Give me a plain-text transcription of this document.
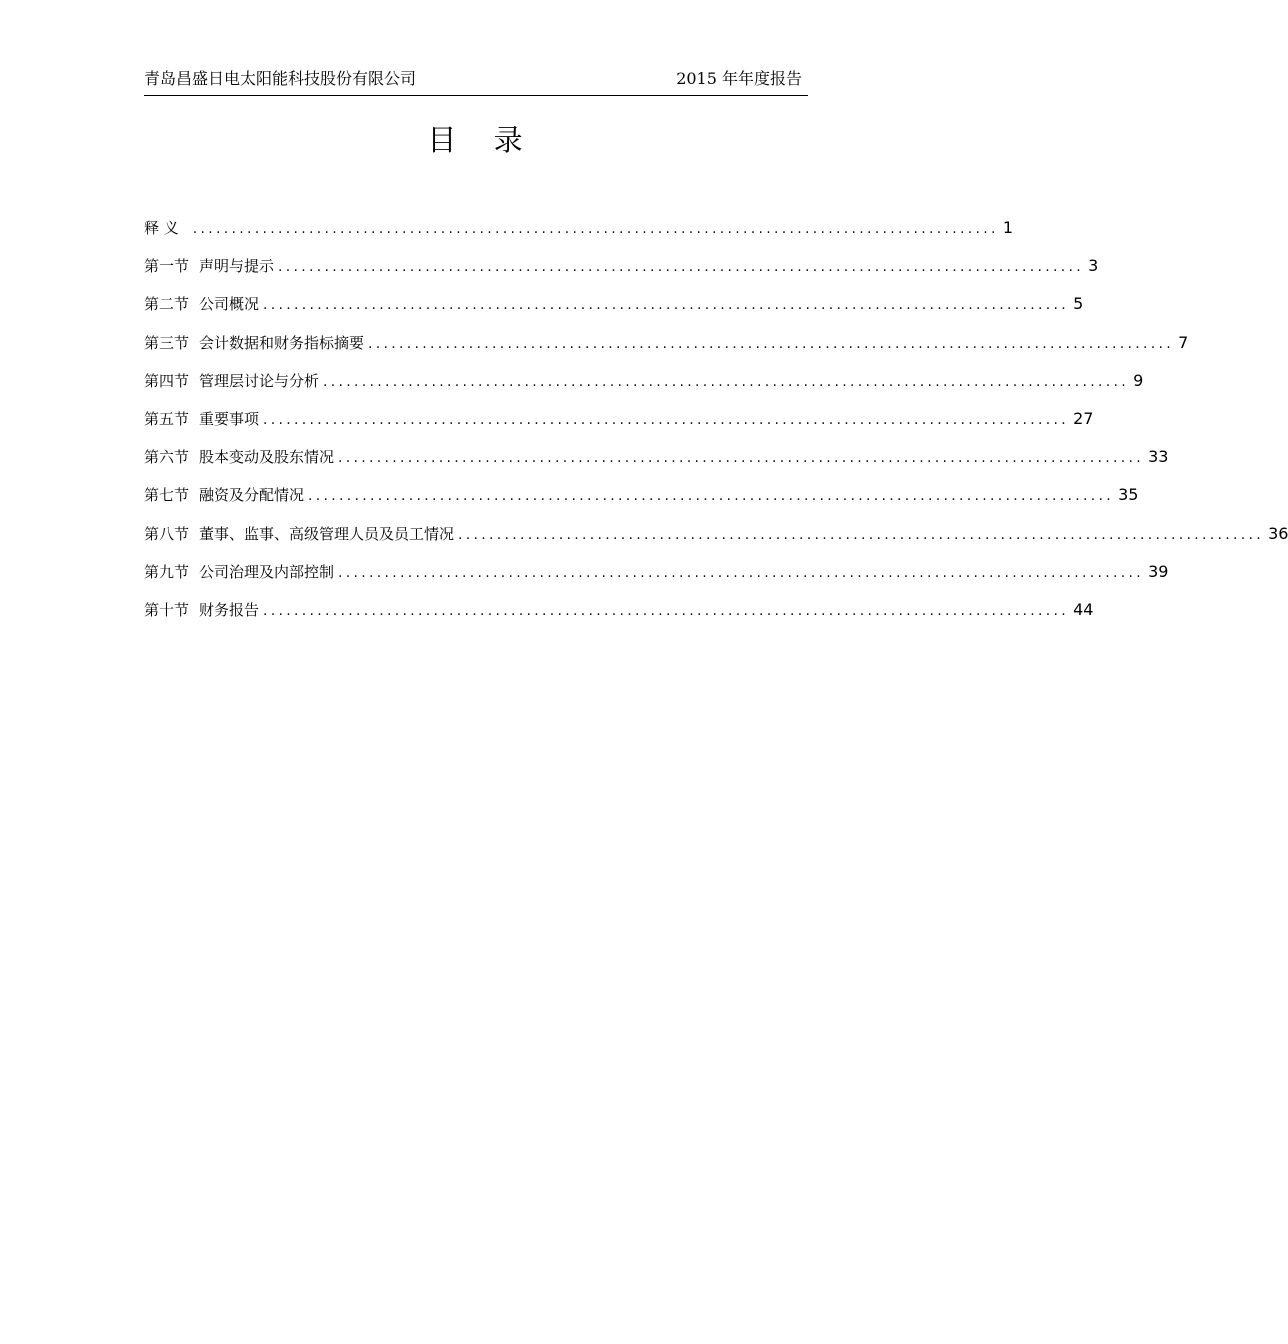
青岛昌盛日电太阳能科技股份有限公司	2015 年年度报告
目 录
释 义	........................................................................................................ 1
第一节 声明与提示 ........................................................................................................ 3
第二节 公司概况 ........................................................................................................ 5
第三节 会计数据和财务指标摘要 ........................................................................................................ 7
第四节 管理层讨论与分析 ........................................................................................................ 9
第五节 重要事项 ........................................................................................................ 27
第六节 股本变动及股东情况 ........................................................................................................ 33
第七节 融资及分配情况 ........................................................................................................ 35
第八节 董事、监事、高级管理人员及员工情况 ........................................................................................................ 36
第九节 公司治理及内部控制 ........................................................................................................ 39
第十节 财务报告 ........................................................................................................ 44
